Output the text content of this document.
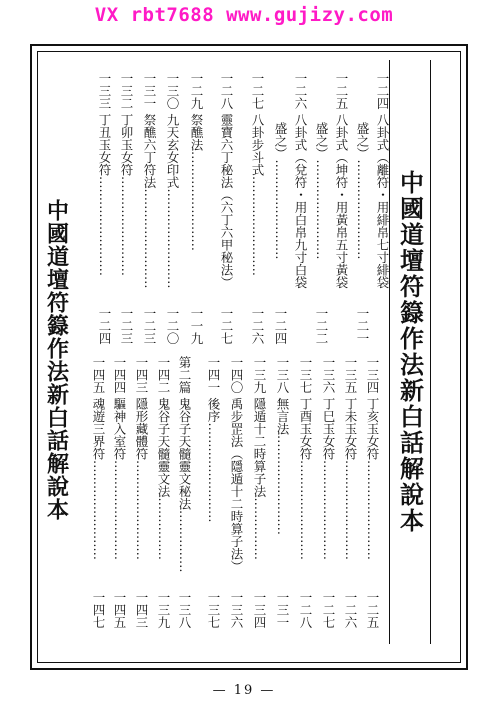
VX rbt7688 www.gujizy.com
中國道壇符籙作法新白話解說本
中國道壇符籙作法新白話解說本
一二四 八卦式（離符・用緋帛七寸緋袋
　　　　盛之）……………………
一二一
一二五 八卦式（坤符・用黃帛五寸黃袋
　　　　盛之）……………………
一二二
一二六 八卦式（兌符・用白帛九寸白袋
　　　　盛之）……………………
一二四
一二七 八卦步斗式……………………
一二六
一二八 靈寶六丁秘法（六丁六甲秘法）
一二七
一二九 祭醮法……………………
一一九
一三〇 九天玄女印式……………………
一二〇
一三一 祭醮六丁符法……………………
一二三
一三二 丁卯玉女符……………………
一二三
一三三 丁丑玉女符……………………
一二四
一三四 丁亥玉女符……………………
一二五
一三五 丁未玉女符……………………
一二六
一三六 丁巳玉女符……………………
一二七
一三七 丁酉玉女符……………………
一二八
一三八 無言法……………………
一三一
一三九 隱遁十二時算子法……………
一三四
一四〇 禹步罡法（隱遁十二時算子法）
一三六
一四一 後序……………………
一三七
第二篇 鬼谷子天髓靈文秘法……………
一三八
一四二 鬼谷子天髓靈文法……………
一三九
一四三 隱形藏體符……………………
一四三
一四四 驅神入室符……………………
一四五
一四五 魂遊三界符……………………
一四七
— 19 —
